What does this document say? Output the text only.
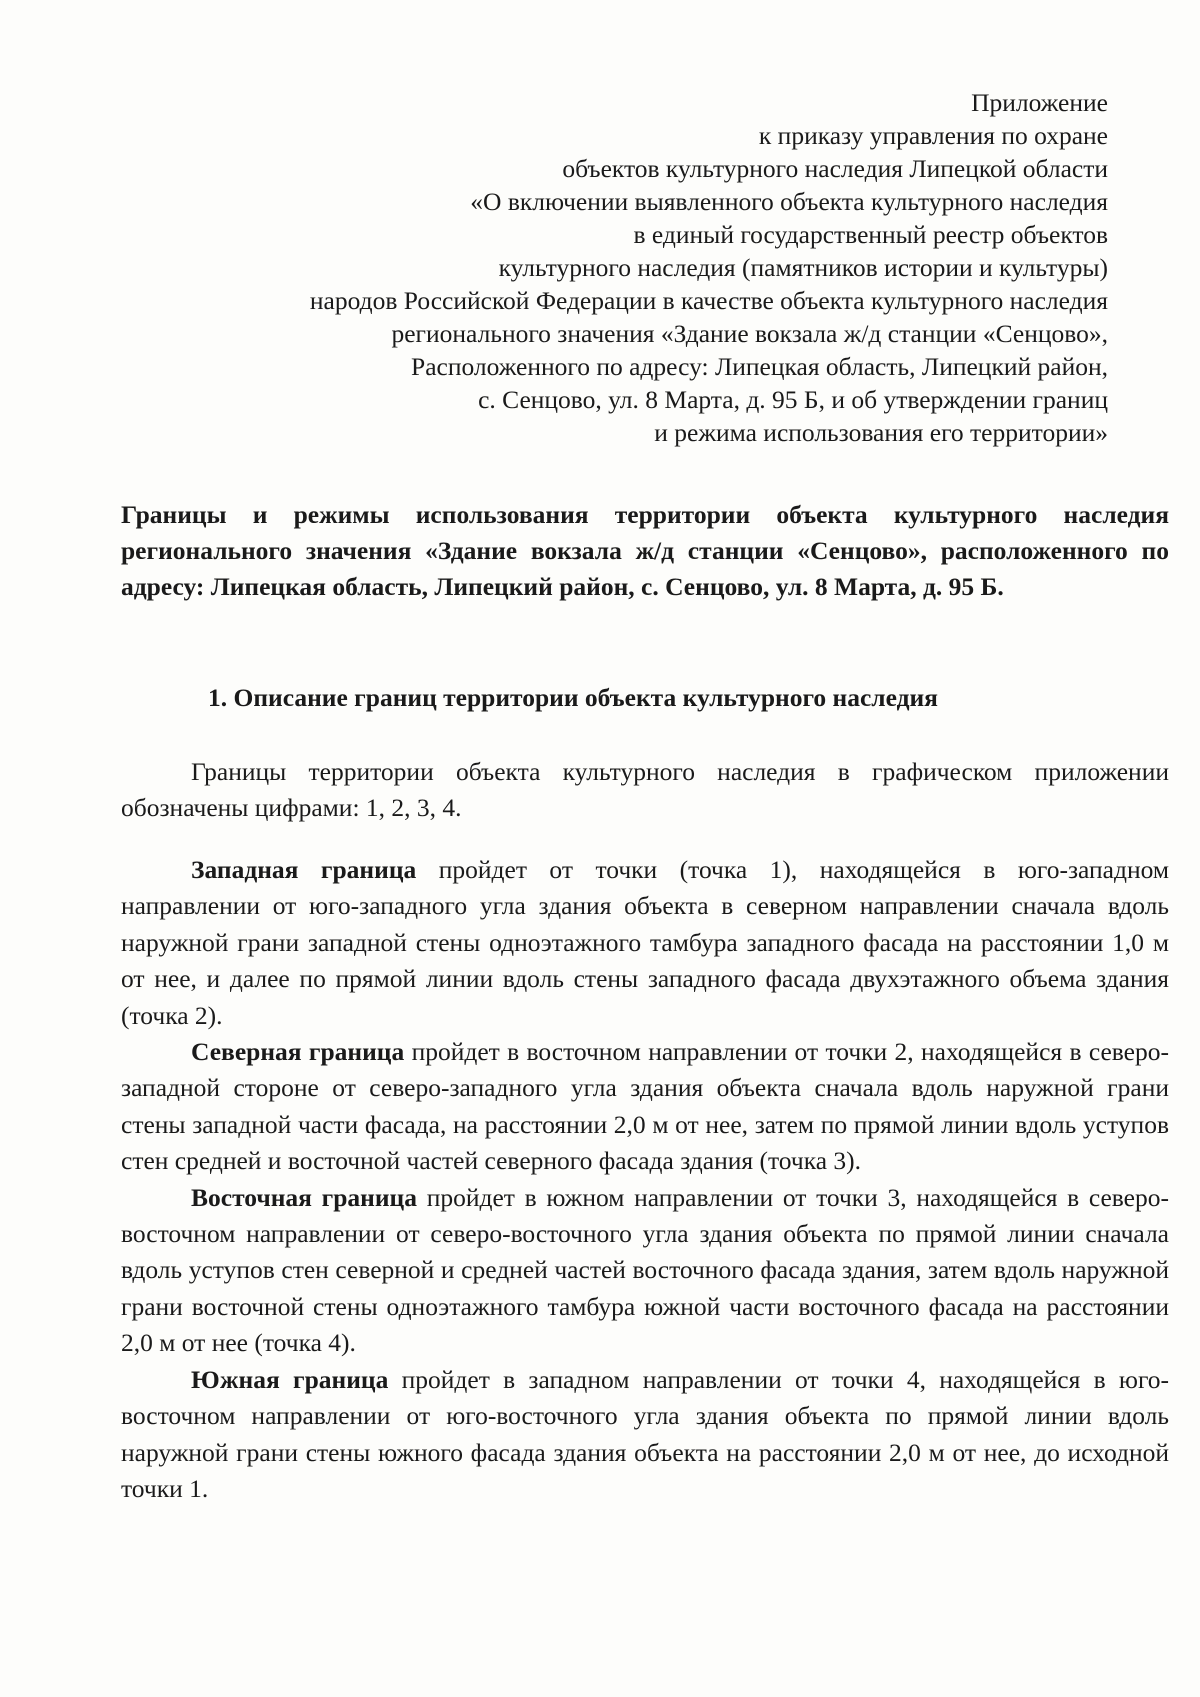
Приложение
к приказу управления по охране
объектов культурного наследия Липецкой области
«О включении выявленного объекта культурного наследия
в единый государственный реестр объектов
культурного наследия (памятников истории и культуры)
народов Российской Федерации в качестве объекта культурного наследия
регионального значения «Здание вокзала ж/д станции «Сенцово»,
Расположенного по адресу: Липецкая область, Липецкий район,
с. Сенцово, ул. 8 Марта, д. 95 Б, и об утверждении границ
и режима использования его территории»
Границы и режимы использования территории объекта культурного наследия регионального значения «Здание вокзала ж/д станции «Сенцово», расположенного по адресу: Липецкая область, Липецкий район, с. Сенцово, ул. 8 Марта, д. 95 Б.
1. Описание границ территории объекта культурного наследия
Границы территории объекта культурного наследия в графическом приложении обозначены цифрами: 1, 2, 3, 4.

Западная граница пройдет от точки (точка 1), находящейся в юго-западном направлении от юго-западного угла здания объекта в северном направлении сначала вдоль наружной грани западной стены одноэтажного тамбура западного фасада на расстоянии 1,0 м от нее, и далее по прямой линии вдоль стены западного фасада двухэтажного объема здания (точка 2).

Северная граница пройдет в восточном направлении от точки 2, находящейся в северо-западной стороне от северо-западного угла здания объекта сначала вдоль наружной грани стены западной части фасада, на расстоянии 2,0 м от нее, затем по прямой линии вдоль уступов стен средней и восточной частей северного фасада здания (точка 3).

Восточная граница пройдет в южном направлении от точки 3, находящейся в северо-восточном направлении от северо-восточного угла здания объекта по прямой линии сначала вдоль уступов стен северной и средней частей восточного фасада здания, затем вдоль наружной грани восточной стены одноэтажного тамбура южной части восточного фасада на расстоянии 2,0 м от нее (точка 4).

Южная граница пройдет в западном направлении от точки 4, находящейся в юго-восточном направлении от юго-восточного угла здания объекта по прямой линии вдоль наружной грани стены южного фасада здания объекта на расстоянии 2,0 м от нее, до исходной точки 1.
